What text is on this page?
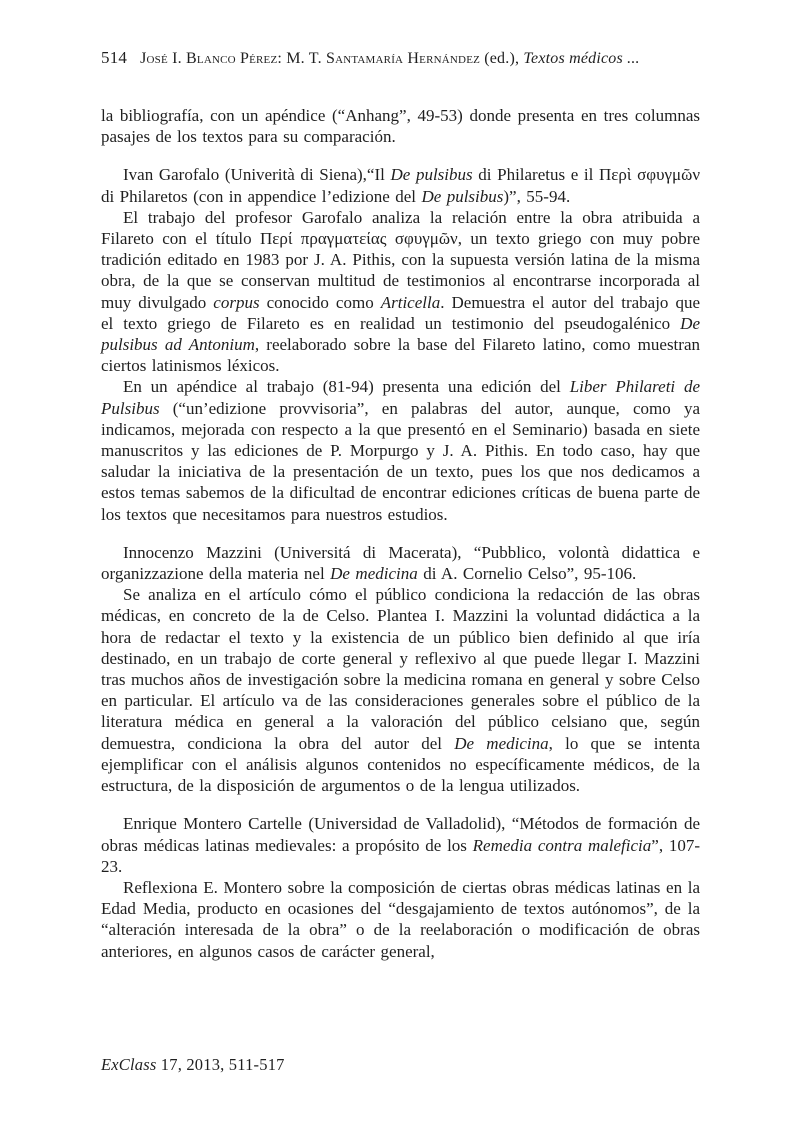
514 José I. Blanco Pérez: M. T. Santamaría Hernández (ed.), Textos médicos ...

la bibliografía, con un apéndice (“Anhang”, 49-53) donde presenta en tres columnas pasajes de los textos para su comparación.

Ivan Garofalo (Univerità di Siena),“Il De pulsibus di Philaretus e il Περὶ σφυγμῶν di Philaretos (con in appendice l’edizione del De pulsibus)”, 55-94.

El trabajo del profesor Garofalo analiza la relación entre la obra atribuida a Filareto con el título Περί πραγματείας σφυγμῶν, un texto griego con muy pobre tradición editado en 1983 por J. A. Pithis, con la supuesta versión latina de la misma obra, de la que se conservan multitud de testimonios al encontrarse incorporada al muy divulgado corpus conocido como Articella. Demuestra el autor del trabajo que el texto griego de Filareto es en realidad un testimonio del pseudogalénico De pulsibus ad Antonium, reelaborado sobre la base del Filareto latino, como muestran ciertos latinismos léxicos.

En un apéndice al trabajo (81-94) presenta una edición del Liber Philareti de Pulsibus (“un’edizione provvisoria”, en palabras del autor, aunque, como ya indicamos, mejorada con respecto a la que presentó en el Seminario) basada en siete manuscritos y las ediciones de P. Morpurgo y J. A. Pithis. En todo caso, hay que saludar la iniciativa de la presentación de un texto, pues los que nos dedicamos a estos temas sabemos de la dificultad de encontrar ediciones críticas de buena parte de los textos que necesitamos para nuestros estudios.

Innocenzo Mazzini (Universitá di Macerata), “Pubblico, volontà didattica e organizzazione della materia nel De medicina di A. Cornelio Celso”, 95-106.

Se analiza en el artículo cómo el público condiciona la redacción de las obras médicas, en concreto de la de Celso. Plantea I. Mazzini la voluntad didáctica a la hora de redactar el texto y la existencia de un público bien definido al que iría destinado, en un trabajo de corte general y reflexivo al que puede llegar I. Mazzini tras muchos años de investigación sobre la medicina romana en general y sobre Celso en particular. El artículo va de las consideraciones generales sobre el público de la literatura médica en general a la valoración del público celsiano que, según demuestra, condiciona la obra del autor del De medicina, lo que se intenta ejemplificar con el análisis algunos contenidos no específicamente médicos, de la estructura, de la disposición de argumentos o de la lengua utilizados.

Enrique Montero Cartelle (Universidad de Valladolid), “Métodos de formación de obras médicas latinas medievales: a propósito de los Remedia contra maleficia”, 107-23.

Reflexiona E. Montero sobre la composición de ciertas obras médicas latinas en la Edad Media, producto en ocasiones del “desgajamiento de textos autónomos”, de la “alteración interesada de la obra” o de la reelaboración o modificación de obras anteriores, en algunos casos de carácter general,

ExClass 17, 2013, 511-517
